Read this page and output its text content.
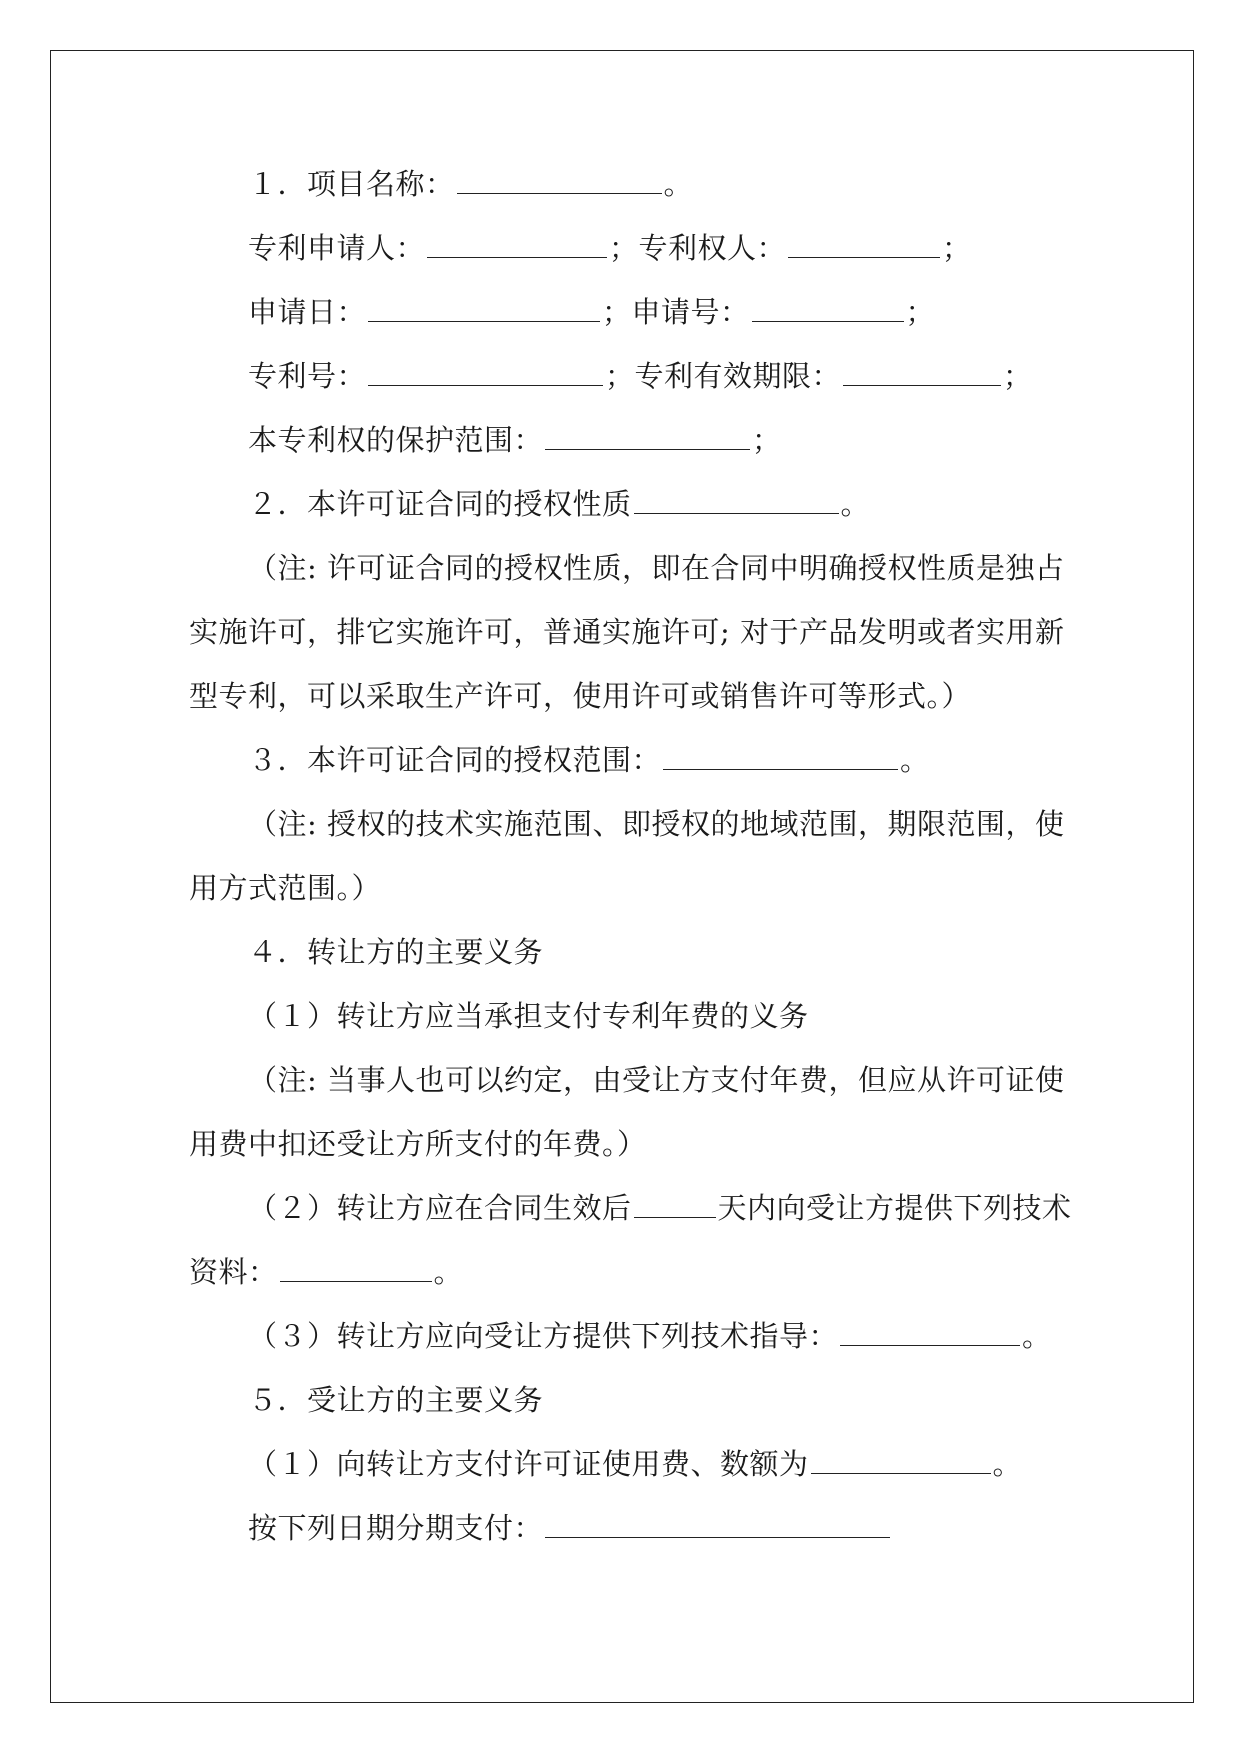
１．项目名称：	。
专利申请人：	；专利权人：	；
申请日：	；申请号：	；
专利号：	；专利有效期限：	；
本专利权的保护范围：	；
２．本许可证合同的授权性质	。
（注: 许可证合同的授权性质，即在合同中明确授权性质是独占
实施许可，排它实施许可，普通实施许可; 对于产品发明或者实用新
型专利，可以采取生产许可，使用许可或销售许可等形式。）
３．本许可证合同的授权范围：	。
（注: 授权的技术实施范围、即授权的地域范围，期限范围，使
用方式范围。）
４．转让方的主要义务
（１）转让方应当承担支付专利年费的义务
（注: 当事人也可以约定，由受让方支付年费，但应从许可证使
用费中扣还受让方所支付的年费。）
（２）转让方应在合同生效后	天内向受让方提供下列技术
资料：	。
（３）转让方应向受让方提供下列技术指导：	。
５．受让方的主要义务
（１）向转让方支付许可证使用费、数额为	。
按下列日期分期支付：
